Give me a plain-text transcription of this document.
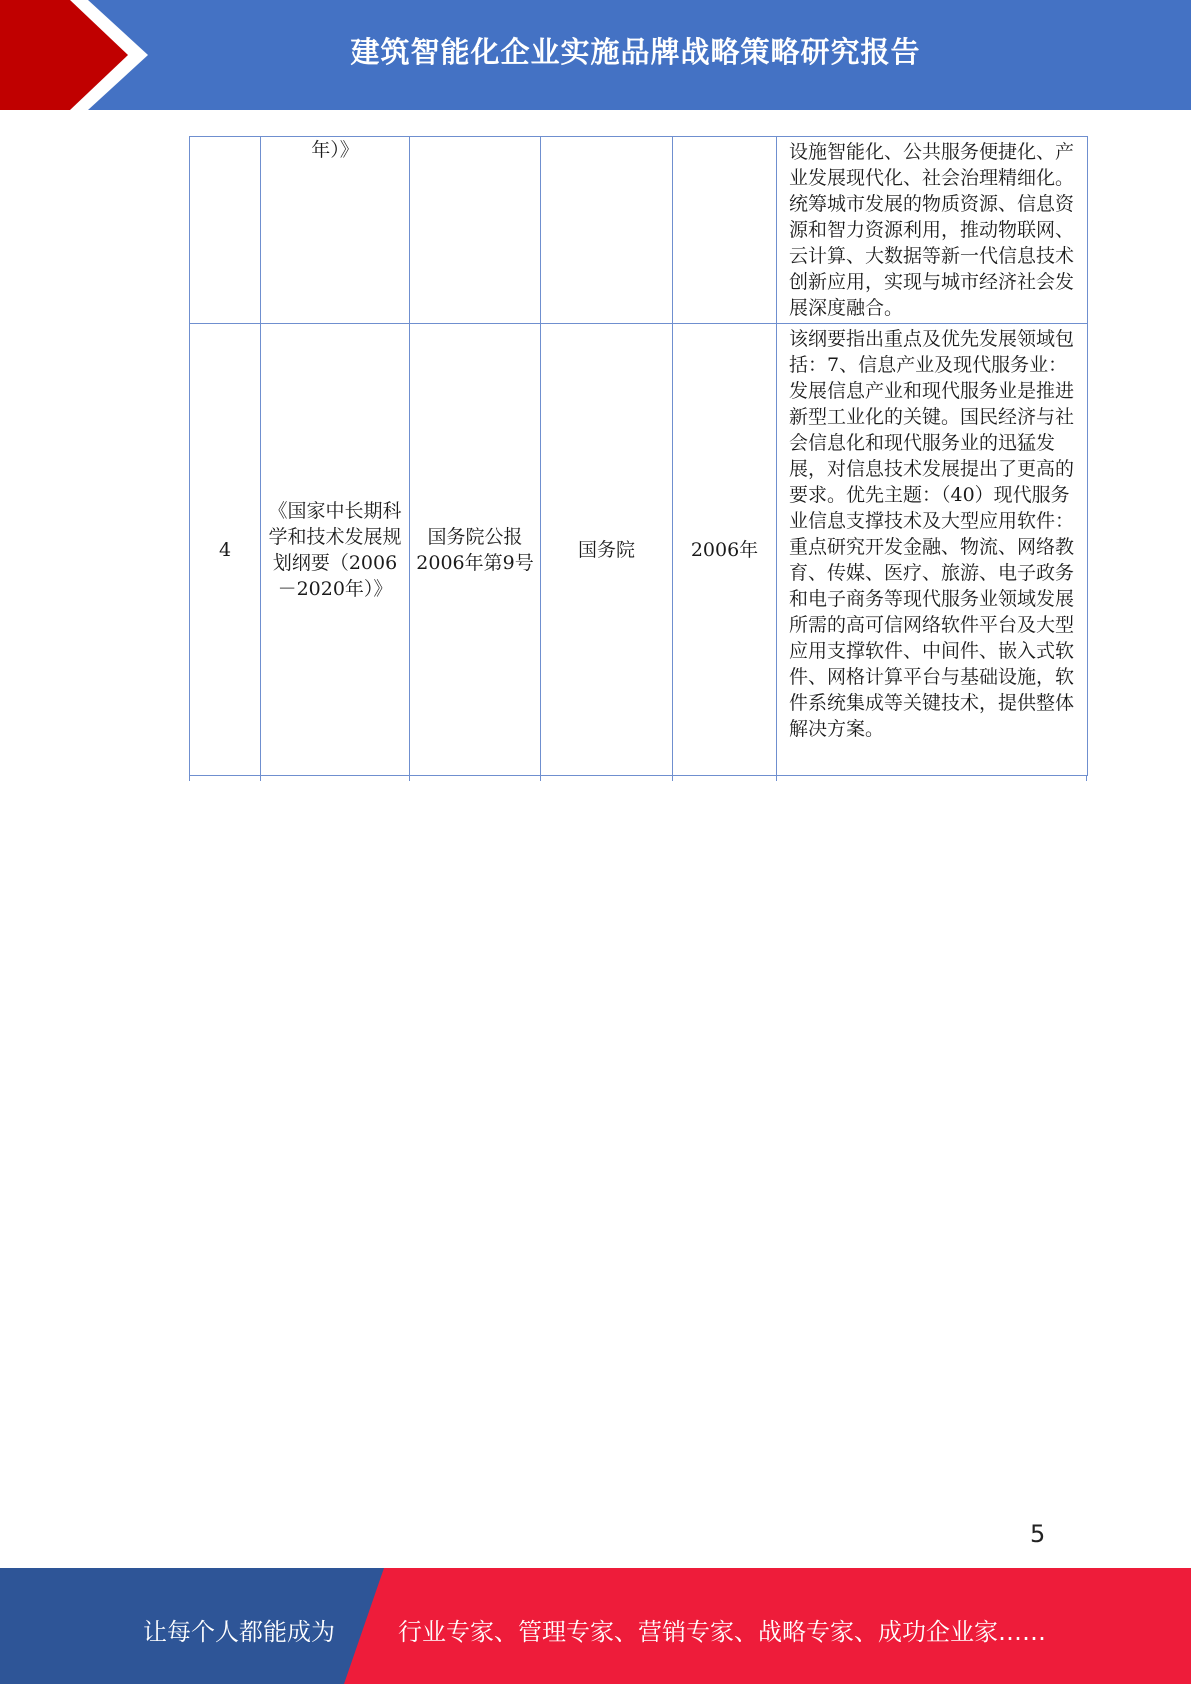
建筑智能化企业实施品牌战略策略研究报告
	年）》				设施智能化、公共服务便捷化、产业发展现代化、社会治理精细化。统筹城市发展的物质资源、信息资源和智力资源利用，推动物联网、云计算、大数据等新一代信息技术创新应用，实现与城市经济社会发展深度融合。
4	《国家中长期科学和技术发展规划纲要（2006－2020年）》	国务院公报2006年第9号	国务院	2006年	该纲要指出重点及优先发展领域包括：7、信息产业及现代服务业：发展信息产业和现代服务业是推进新型工业化的关键。国民经济与社会信息化和现代服务业的迅猛发展，对信息技术发展提出了更高的要求。优先主题：（40）现代服务业信息支撑技术及大型应用软件：重点研究开发金融、物流、网络教育、传媒、医疗、旅游、电子政务和电子商务等现代服务业领域发展所需的高可信网络软件平台及大型应用支撑软件、中间件、嵌入式软件、网格计算平台与基础设施，软件系统集成等关键技术，提供整体解决方案。
5
让每个人都能成为	行业专家、管理专家、营销专家、战略专家、成功企业家……
